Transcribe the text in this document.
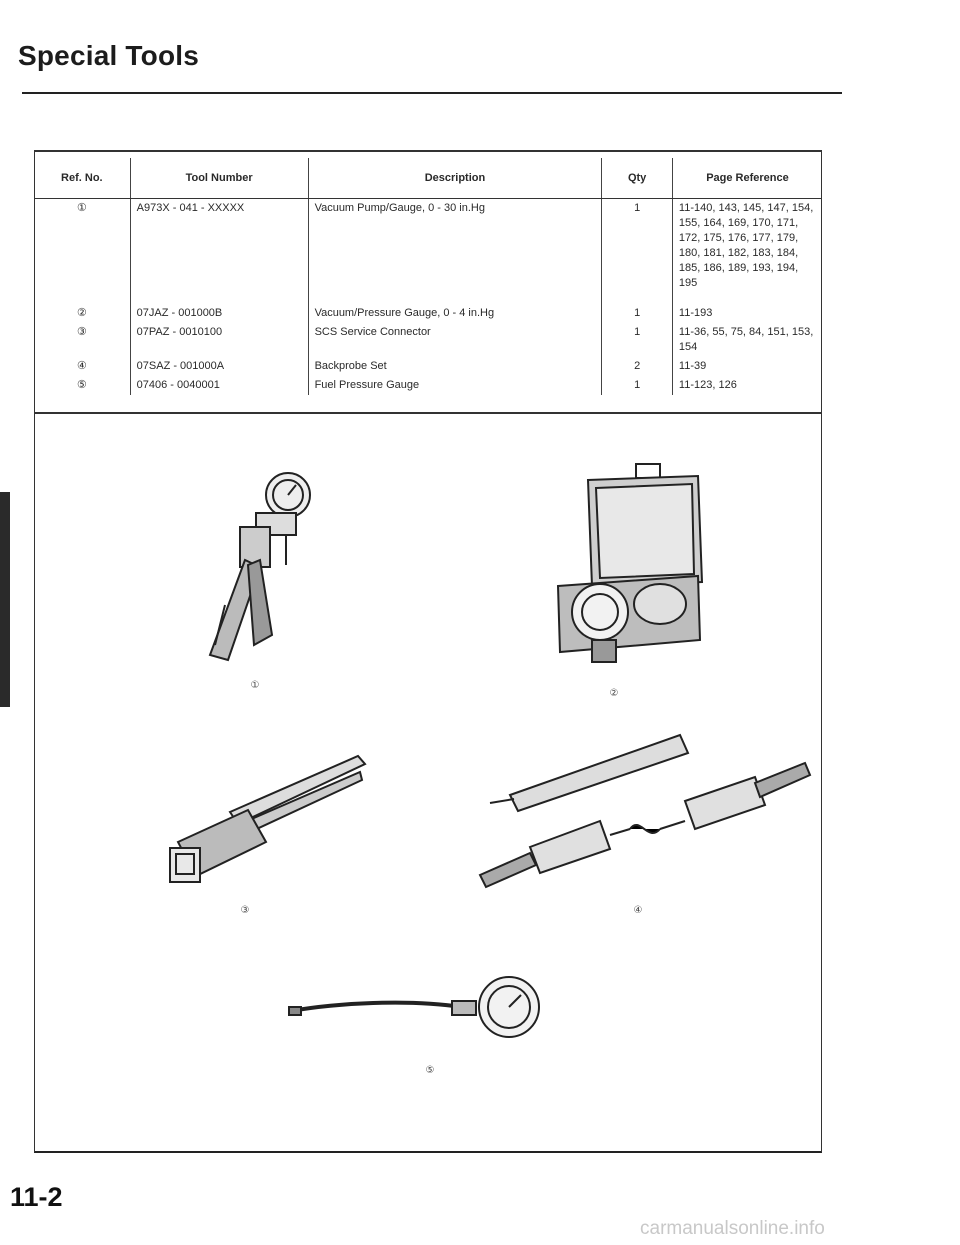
Special Tools
Ref. No.	Tool Number	Description	Qty	Page Reference
①	A973X - 041 - XXXXX	Vacuum Pump/Gauge, 0 - 30 in.Hg	1	11-140, 143, 145, 147, 154, 155, 164, 169, 170, 171, 172, 175, 176, 177, 179, 180, 181, 182, 183, 184, 185, 186, 189, 193, 194, 195
②	07JAZ - 001000B	Vacuum/Pressure Gauge, 0 - 4 in.Hg	1	11-193
③	07PAZ - 0010100	SCS Service Connector	1	11-36, 55, 75, 84, 151, 153, 154
④	07SAZ - 001000A	Backprobe Set	2	11-39
⑤	07406 - 0040001	Fuel Pressure Gauge	1	11-123, 126
①
②
③	④
⑤
11-2
carmanualsonline.info
